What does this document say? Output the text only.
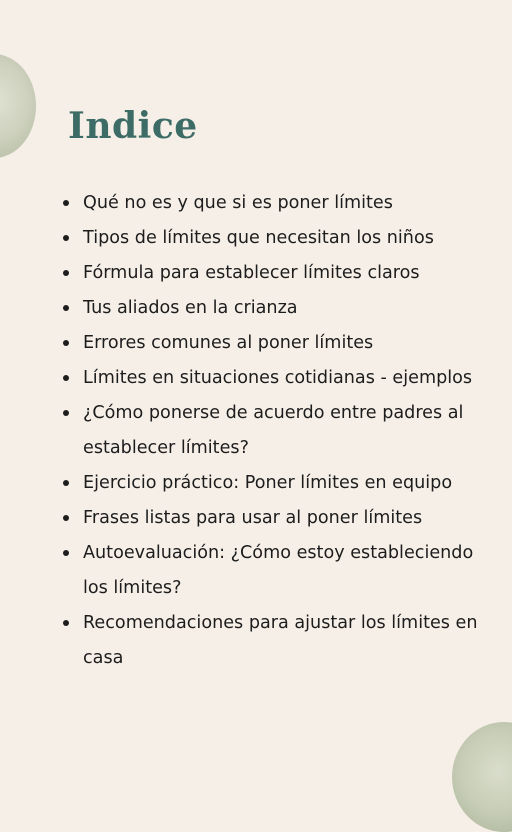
Indice
Qué no es y que si es poner límites
Tipos de límites que necesitan los niños
Fórmula para establecer límites claros
Tus aliados en la crianza
Errores comunes al poner límites
Límites en situaciones cotidianas - ejemplos
¿Cómo ponerse de acuerdo entre padres al establecer límites?
Ejercicio práctico: Poner límites en equipo
Frases listas para usar al poner límites
Autoevaluación: ¿Cómo estoy estableciendo los límites?
Recomendaciones para ajustar los límites en casa
